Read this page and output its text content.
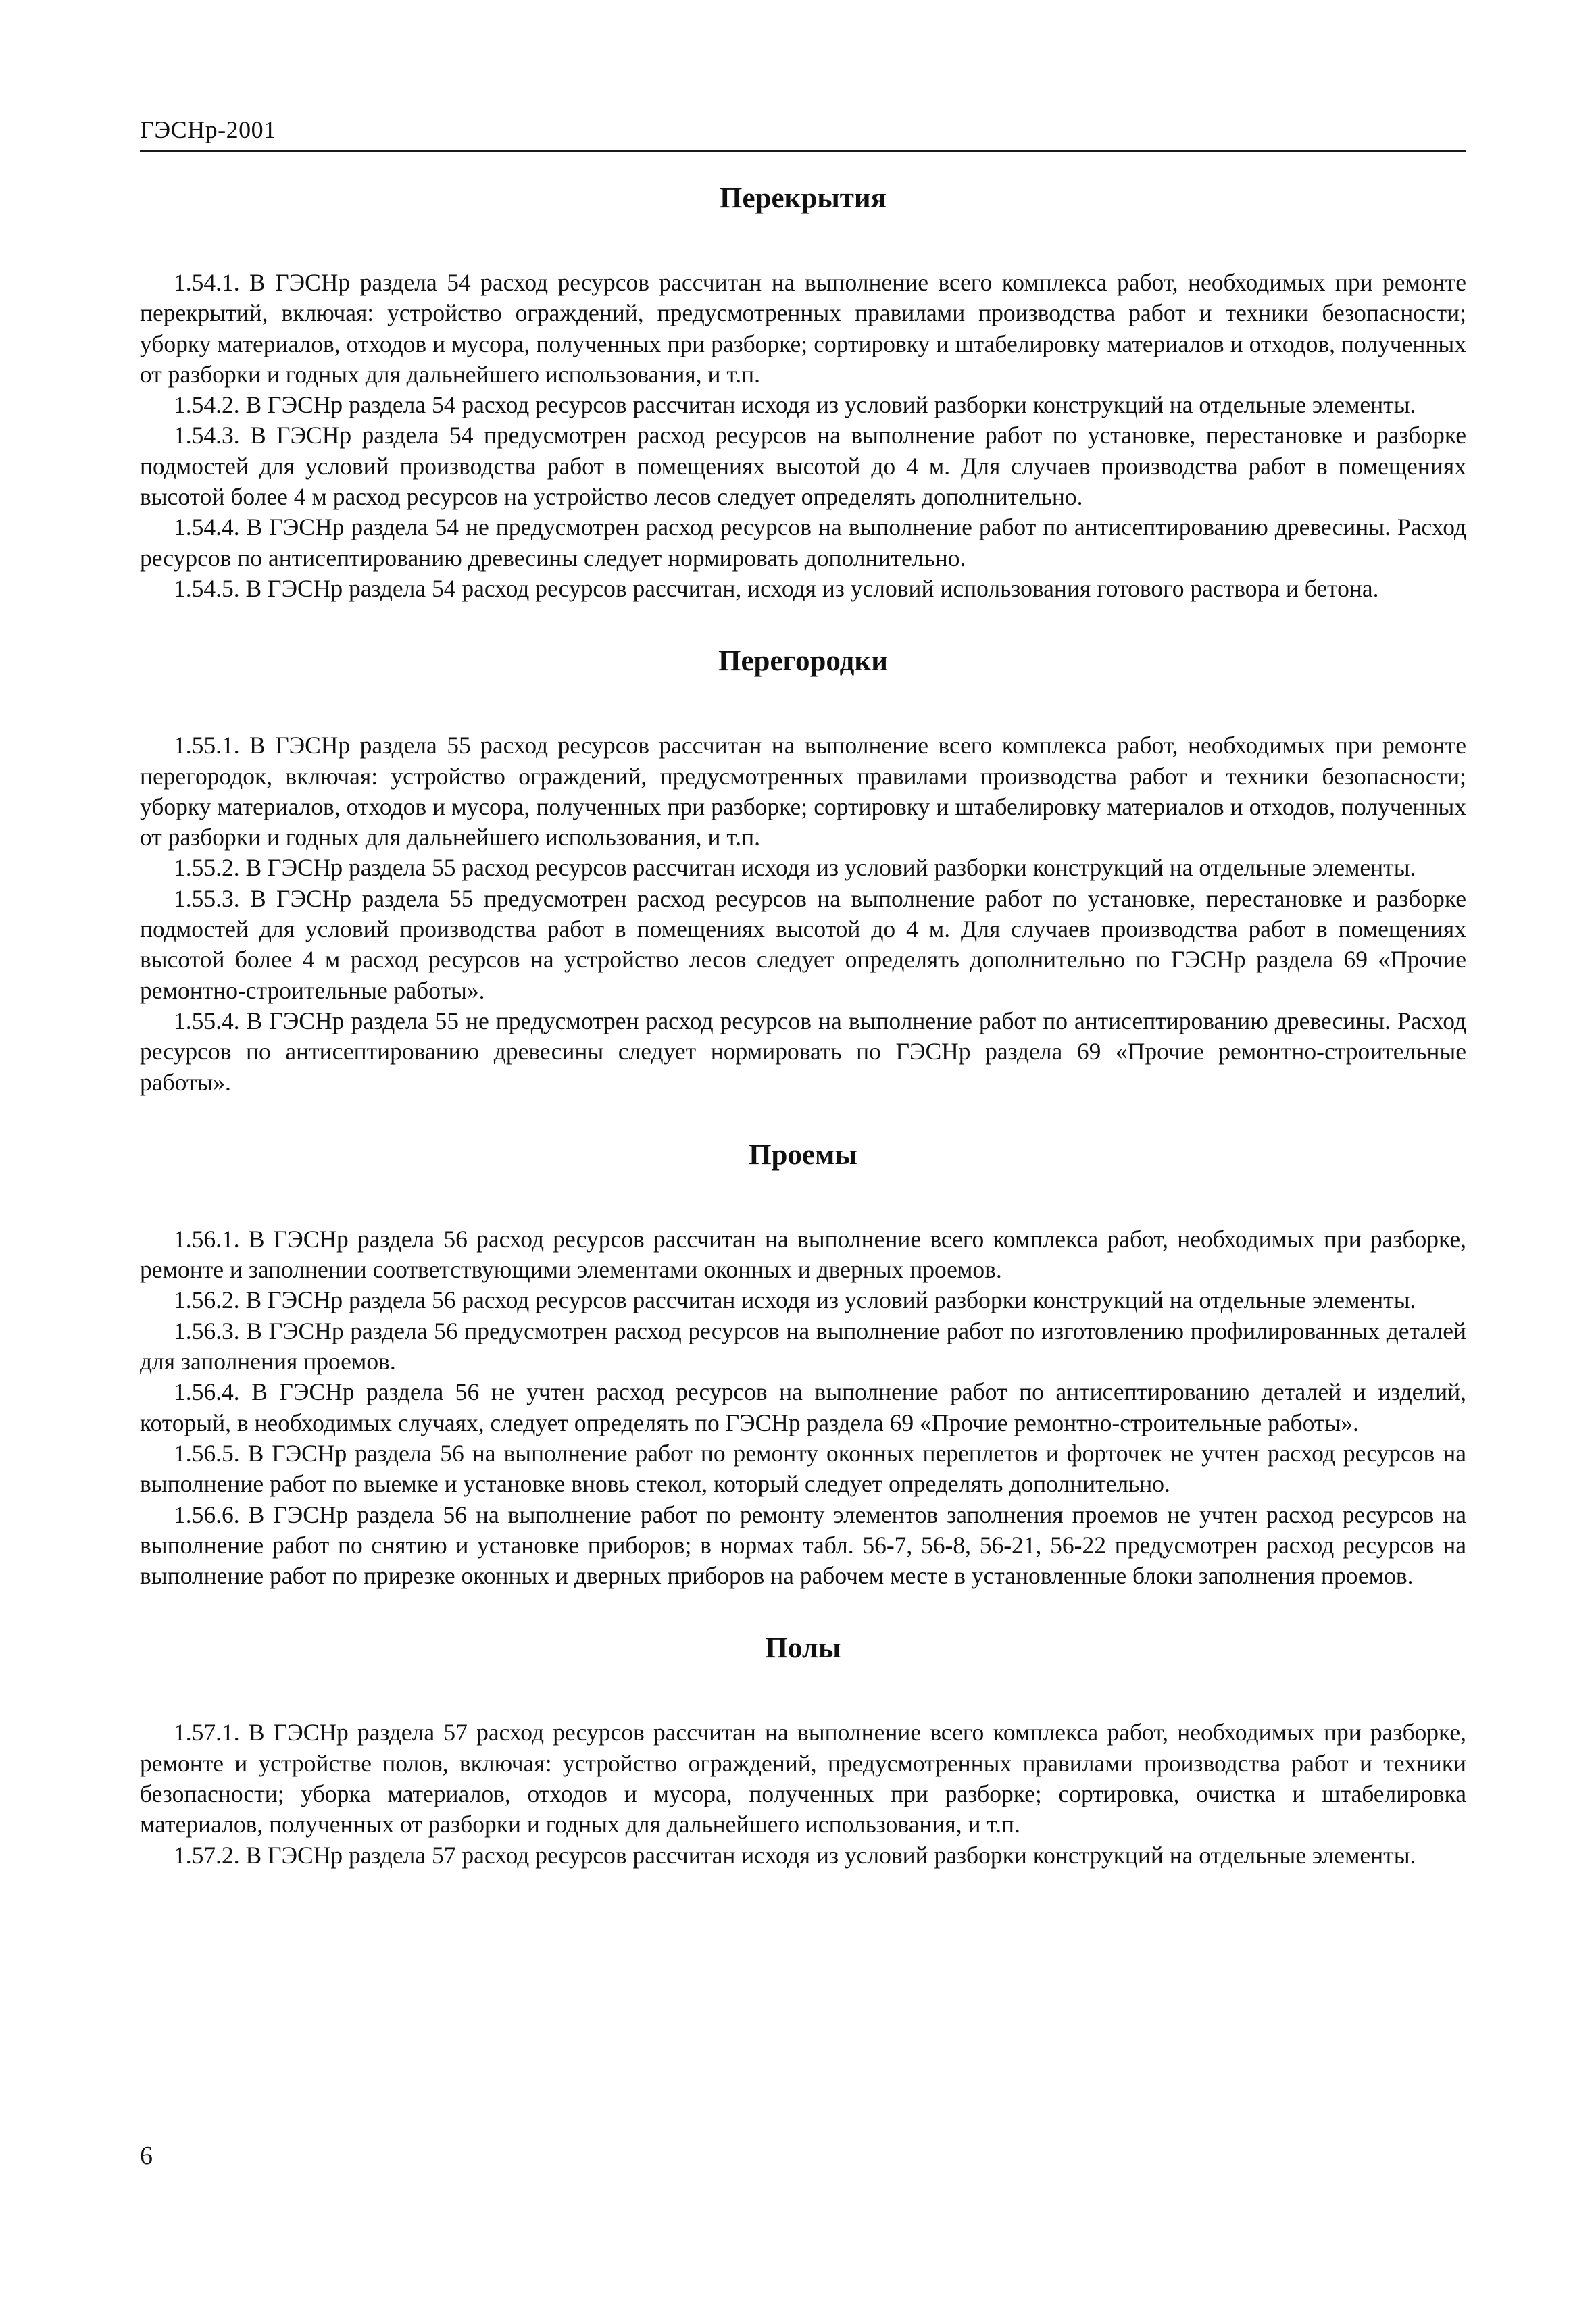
ГЭСНр-2001
Перекрытия

1.54.1. В ГЭСНр раздела 54 расход ресурсов рассчитан на выполнение всего комплекса работ, необходимых при ремонте перекрытий, включая: устройство ограждений, предусмотренных правилами производства работ и техники безопасности; уборку материалов, отходов и мусора, полученных при разборке; сортировку и штабелировку материалов и отходов, полученных от разборки и годных для дальнейшего использования, и т.п.

1.54.2. В ГЭСНр раздела 54 расход ресурсов рассчитан исходя из условий разборки конструкций на отдельные элементы.

1.54.3. В ГЭСНр раздела 54 предусмотрен расход ресурсов на выполнение работ по установке, перестановке и разборке подмостей для условий производства работ в помещениях высотой до 4 м. Для случаев производства работ в помещениях высотой более 4 м расход ресурсов на устройство лесов следует определять дополнительно.

1.54.4. В ГЭСНр раздела 54 не предусмотрен расход ресурсов на выполнение работ по антисептированию древесины. Расход ресурсов по антисептированию древесины следует нормировать дополнительно.

1.54.5. В ГЭСНр раздела 54 расход ресурсов рассчитан, исходя из условий использования готового раствора и бетона.

Перегородки

1.55.1. В ГЭСНр раздела 55 расход ресурсов рассчитан на выполнение всего комплекса работ, необходимых при ремонте перегородок, включая: устройство ограждений, предусмотренных правилами производства работ и техники безопасности; уборку материалов, отходов и мусора, полученных при разборке; сортировку и штабелировку материалов и отходов, полученных от разборки и годных для дальнейшего использования, и т.п.

1.55.2. В ГЭСНр раздела 55 расход ресурсов рассчитан исходя из условий разборки конструкций на отдельные элементы.

1.55.3. В ГЭСНр раздела 55 предусмотрен расход ресурсов на выполнение работ по установке, перестановке и разборке подмостей для условий производства работ в помещениях высотой до 4 м. Для случаев производства работ в помещениях высотой более 4 м расход ресурсов на устройство лесов следует определять дополнительно по ГЭСНр раздела 69 «Прочие ремонтно-строительные работы».

1.55.4. В ГЭСНр раздела 55 не предусмотрен расход ресурсов на выполнение работ по антисептированию древесины. Расход ресурсов по антисептированию древесины следует нормировать по ГЭСНр раздела 69 «Прочие ремонтно-строительные работы».

Проемы

1.56.1. В ГЭСНр раздела 56 расход ресурсов рассчитан на выполнение всего комплекса работ, необходимых при разборке, ремонте и заполнении соответствующими элементами оконных и дверных проемов.

1.56.2. В ГЭСНр раздела 56 расход ресурсов рассчитан исходя из условий разборки конструкций на отдельные элементы.

1.56.3. В ГЭСНр раздела 56 предусмотрен расход ресурсов на выполнение работ по изготовлению профилированных деталей для заполнения проемов.

1.56.4. В ГЭСНр раздела 56 не учтен расход ресурсов на выполнение работ по антисептированию деталей и изделий, который, в необходимых случаях, следует определять по ГЭСНр раздела 69 «Прочие ремонтно-строительные работы».

1.56.5. В ГЭСНр раздела 56 на выполнение работ по ремонту оконных переплетов и форточек не учтен расход ресурсов на выполнение работ по выемке и установке вновь стекол, который следует определять дополнительно.

1.56.6. В ГЭСНр раздела 56 на выполнение работ по ремонту элементов заполнения проемов не учтен расход ресурсов на выполнение работ по снятию и установке приборов; в нормах табл. 56-7, 56-8, 56-21, 56-22 предусмотрен расход ресурсов на выполнение работ по прирезке оконных и дверных приборов на рабочем месте в установленные блоки заполнения проемов.

Полы

1.57.1. В ГЭСНр раздела 57 расход ресурсов рассчитан на выполнение всего комплекса работ, необходимых при разборке, ремонте и устройстве полов, включая: устройство ограждений, предусмотренных правилами производства работ и техники безопасности; уборка материалов, отходов и мусора, полученных при разборке; сортировка, очистка и штабелировка материалов, полученных от разборки и годных для дальнейшего использования, и т.п.

1.57.2. В ГЭСНр раздела 57 расход ресурсов рассчитан исходя из условий разборки конструкций на отдельные элементы.

6
